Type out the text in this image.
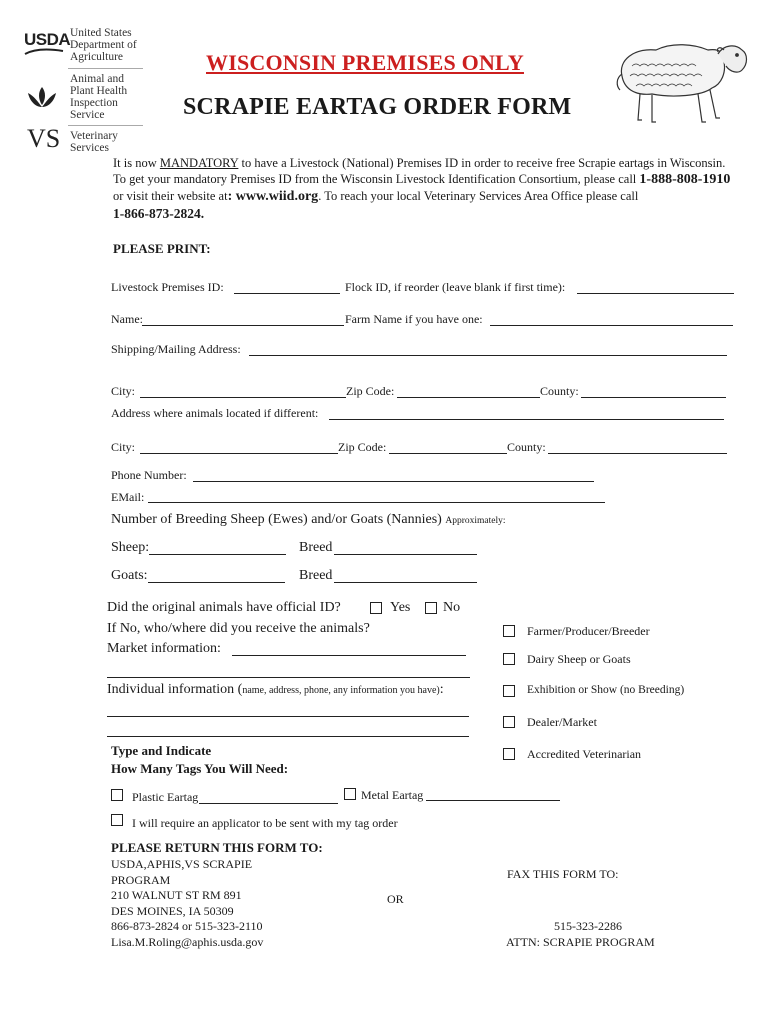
USDA United States
Department of
Agriculture
Animal and
Plant Health
Inspection
Service
VS Veterinary
Services
WISCONSIN PREMISES ONLY
SCRAPIE EARTAG ORDER FORM
It is now MANDATORY to have a Livestock (National) Premises ID in order to receive free Scrapie eartags in Wisconsin.
To get your mandatory Premises ID from the Wisconsin Livestock Identification Consortium, please call 1-888-808-1910
or visit their website at: www.wiid.org. To reach your local Veterinary Services Area Office please call
1-866-873-2824.
PLEASE PRINT:
Livestock Premises ID:	Flock ID, if reorder (leave blank if first time):
Name:	Farm Name if you have one:
Shipping/Mailing Address:
City:	Zip Code:	County:
Address where animals located if different:
City:	Zip Code:	County:
Phone Number:
EMail:
Number of Breeding Sheep (Ewes) and/or Goats (Nannies) Approximately:
Sheep:	Breed
Goats:	Breed
Did the original animals have official ID?	Yes No
If No, who/where did you receive the animals?
Market information:
Individual information (name, address, phone, any information you have):
Farmer/Producer/Breeder
Dairy Sheep or Goats
Exhibition or Show (no Breeding)
Dealer/Market
Accredited Veterinarian
Type and Indicate
How Many Tags You Will Need:
Plastic Eartag	Metal Eartag
I will require an applicator to be sent with my tag order
PLEASE RETURN THIS FORM TO:
USDA,APHIS,VS SCRAPIE
PROGRAM
210 WALNUT ST RM 891
DES MOINES, IA 50309
866-873-2824 or 515-323-2110
Lisa.M.Roling@aphis.usda.gov
OR
FAX THIS FORM TO:
515-323-2286
ATTN: SCRAPIE PROGRAM
